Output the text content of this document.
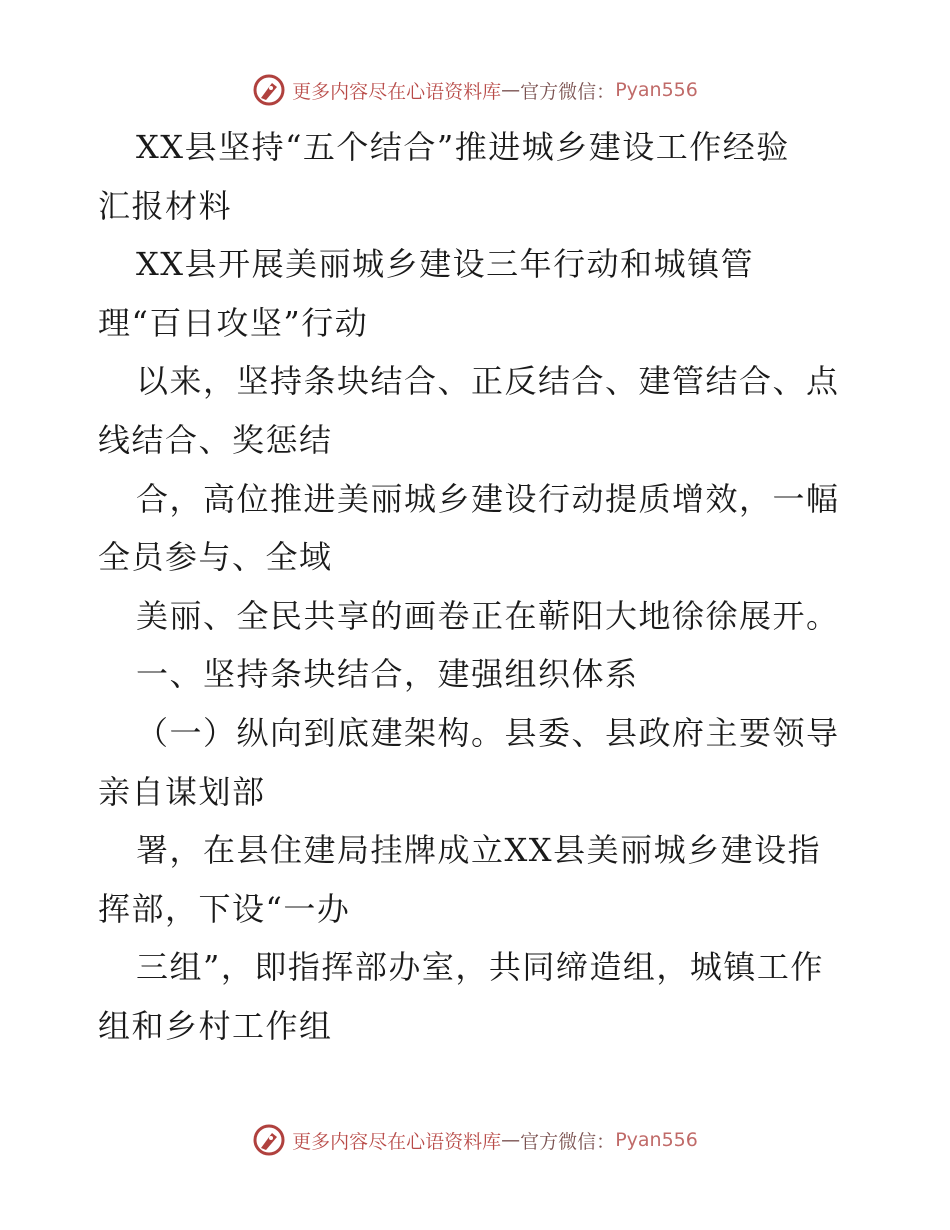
更多内容尽在心语资料库 — 官方微信： Pyan556
XX县坚持“五个结合”推进城乡建设工作经验
汇报材料
XX县开展美丽城乡建设三年行动和城镇管
理“百日攻坚”行动
以来，坚持条块结合、正反结合、建管结合、点
线结合、奖惩结
合，高位推进美丽城乡建设行动提质增效，一幅
全员参与、全域
美丽、全民共享的画卷正在蕲阳大地徐徐展开。
一、坚持条块结合，建强组织体系
（一）纵向到底建架构。县委、县政府主要领导
亲自谋划部
署，在县住建局挂牌成立XX县美丽城乡建设指
挥部，下设“一办
三组”，即指挥部办室，共同缔造组，城镇工作
组和乡村工作组
更多内容尽在心语资料库 — 官方微信： Pyan556
